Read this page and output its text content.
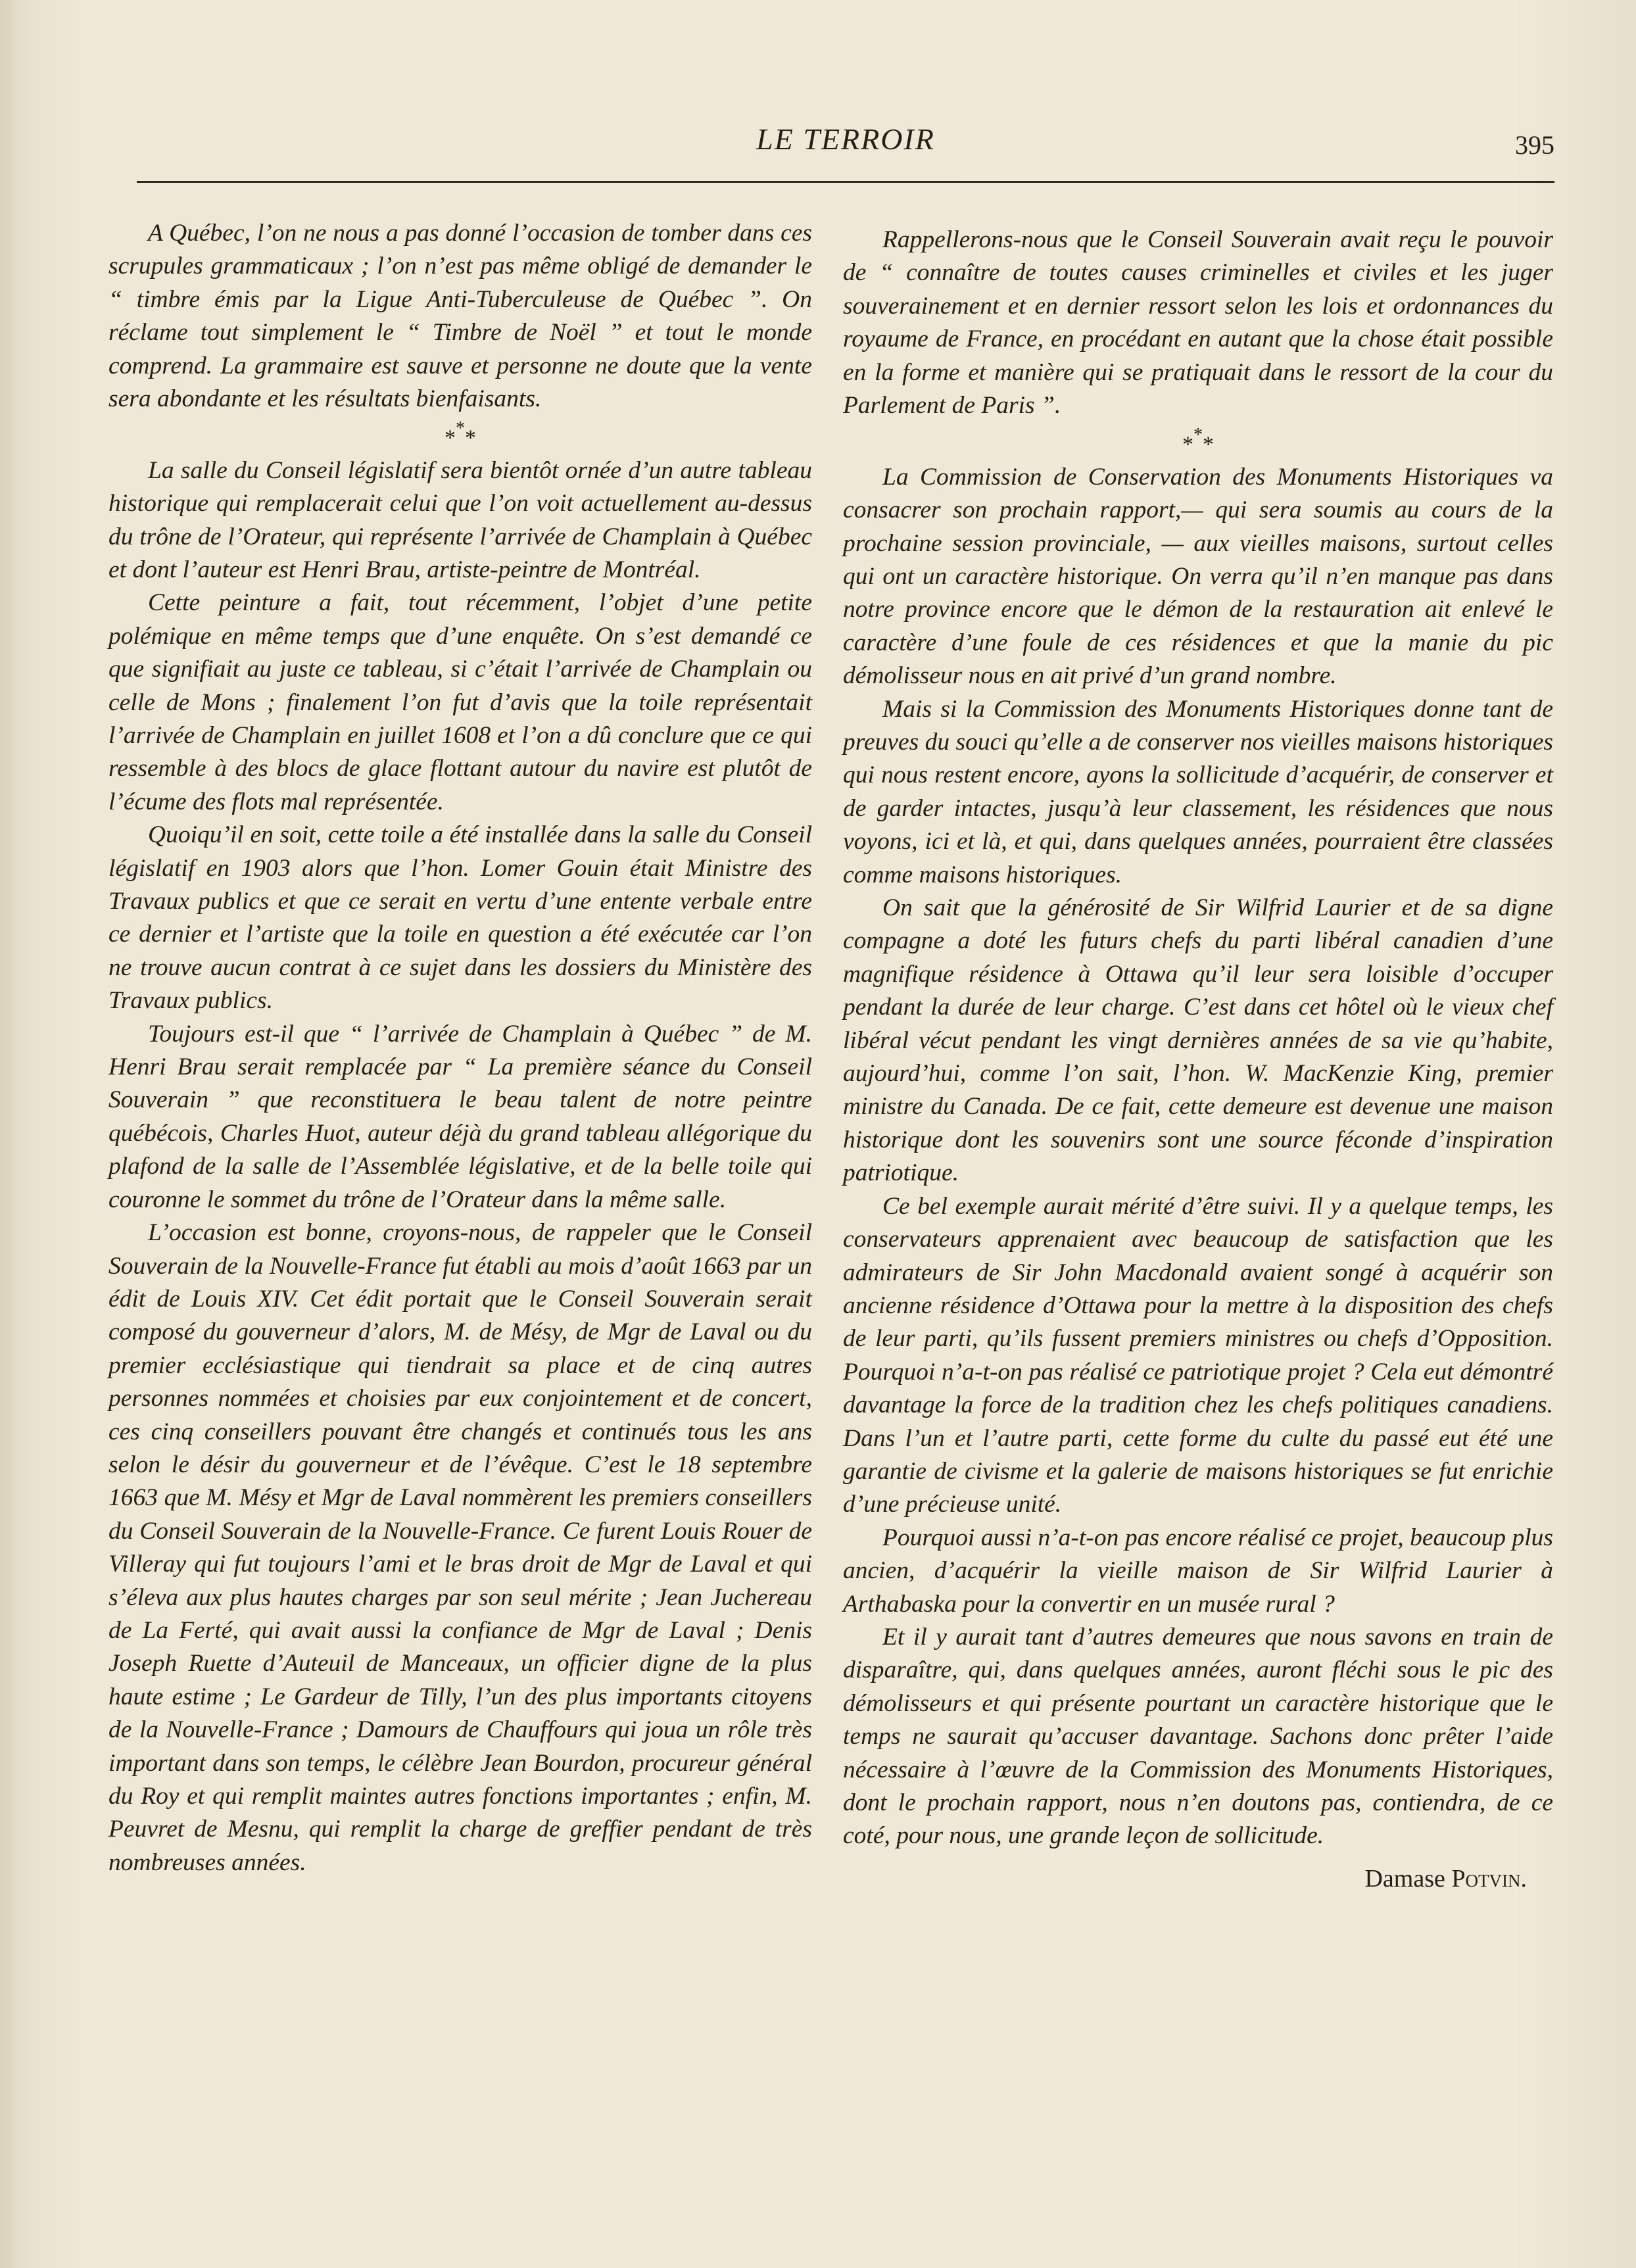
LE TERROIR	395

A Québec, l’on ne nous a pas donné l’occasion de tomber dans ces scrupules grammaticaux ; l’on n’est pas même obligé de demander le “ timbre émis par la Ligue Anti-Tuberculeuse de Québec ”. On réclame tout simplement le “ Timbre de Noël ” et tout le monde comprend. La grammaire est sauve et personne ne doute que la vente sera abondante et les résultats bienfaisants.

***

La salle du Conseil législatif sera bientôt ornée d’un autre tableau historique qui remplacerait celui que l’on voit actuellement au-dessus du trône de l’Orateur, qui représente l’arrivée de Champlain à Québec et dont l’auteur est Henri Brau, artiste-peintre de Montréal.

Cette peinture a fait, tout récemment, l’objet d’une petite polémique en même temps que d’une enquête. On s’est demandé ce que signifiait au juste ce tableau, si c’était l’arrivée de Champlain ou celle de Mons ; finalement l’on fut d’avis que la toile représentait l’arrivée de Champlain en juillet 1608 et l’on a dû conclure que ce qui ressemble à des blocs de glace flottant autour du navire est plutôt de l’écume des flots mal représentée.

Quoiqu’il en soit, cette toile a été installée dans la salle du Conseil législatif en 1903 alors que l’hon. Lomer Gouin était Ministre des Travaux publics et que ce serait en vertu d’une entente verbale entre ce dernier et l’artiste que la toile en question a été exécutée car l’on ne trouve aucun contrat à ce sujet dans les dossiers du Ministère des Travaux publics.

Toujours est-il que “ l’arrivée de Champlain à Québec ” de M. Henri Brau serait remplacée par “ La première séance du Conseil Souverain ” que reconstituera le beau talent de notre peintre québécois, Charles Huot, auteur déjà du grand tableau allégorique du plafond de la salle de l’Assemblée législative, et de la belle toile qui couronne le sommet du trône de l’Orateur dans la même salle.

L’occasion est bonne, croyons-nous, de rappeler que le Conseil Souverain de la Nouvelle-France fut établi au mois d’août 1663 par un édit de Louis XIV. Cet édit portait que le Conseil Souverain serait composé du gouverneur d’alors, M. de Mésy, de Mgr de Laval ou du premier ecclésiastique qui tiendrait sa place et de cinq autres personnes nommées et choisies par eux conjointement et de concert, ces cinq conseillers pouvant être changés et continués tous les ans selon le désir du gouverneur et de l’évêque. C’est le 18 septembre 1663 que M. Mésy et Mgr de Laval nommèrent les premiers conseillers du Conseil Souverain de la Nouvelle-France. Ce furent Louis Rouer de Villeray qui fut toujours l’ami et le bras droit de Mgr de Laval et qui s’éleva aux plus hautes charges par son seul mérite ; Jean Juchereau de La Ferté, qui avait aussi la confiance de Mgr de Laval ; Denis Joseph Ruette d’Auteuil de Manceaux, un officier digne de la plus haute estime ; Le Gardeur de Tilly, l’un des plus importants citoyens de la Nouvelle-France ; Damours de Chauffours qui joua un rôle très important dans son temps, le célèbre Jean Bourdon, procureur général du Roy et qui remplit maintes autres fonctions importantes ; enfin, M. Peuvret de Mesnu, qui remplit la charge de greffier pendant de très nombreuses années.

Rappellerons-nous que le Conseil Souverain avait reçu le pouvoir de “ connaître de toutes causes criminelles et civiles et les juger souverainement et en dernier ressort selon les lois et ordonnances du royaume de France, en procédant en autant que la chose était possible en la forme et manière qui se pratiquait dans le ressort de la cour du Parlement de Paris ”.

***

La Commission de Conservation des Monuments Historiques va consacrer son prochain rapport,— qui sera soumis au cours de la prochaine session provinciale, — aux vieilles maisons, surtout celles qui ont un caractère historique. On verra qu’il n’en manque pas dans notre province encore que le démon de la restauration ait enlevé le caractère d’une foule de ces résidences et que la manie du pic démolisseur nous en ait privé d’un grand nombre.

Mais si la Commission des Monuments Historiques donne tant de preuves du souci qu’elle a de conserver nos vieilles maisons historiques qui nous restent encore, ayons la sollicitude d’acquérir, de conserver et de garder intactes, jusqu’à leur classement, les résidences que nous voyons, ici et là, et qui, dans quelques années, pourraient être classées comme maisons historiques.

On sait que la générosité de Sir Wilfrid Laurier et de sa digne compagne a doté les futurs chefs du parti libéral canadien d’une magnifique résidence à Ottawa qu’il leur sera loisible d’occuper pendant la durée de leur charge. C’est dans cet hôtel où le vieux chef libéral vécut pendant les vingt dernières années de sa vie qu’habite, aujourd’hui, comme l’on sait, l’hon. W. MacKenzie King, premier ministre du Canada. De ce fait, cette demeure est devenue une maison historique dont les souvenirs sont une source féconde d’inspiration patriotique.

Ce bel exemple aurait mérité d’être suivi. Il y a quelque temps, les conservateurs apprenaient avec beaucoup de satisfaction que les admirateurs de Sir John Macdonald avaient songé à acquérir son ancienne résidence d’Ottawa pour la mettre à la disposition des chefs de leur parti, qu’ils fussent premiers ministres ou chefs d’Opposition. Pourquoi n’a-t-on pas réalisé ce patriotique projet ? Cela eut démontré davantage la force de la tradition chez les chefs politiques canadiens. Dans l’un et l’autre parti, cette forme du culte du passé eut été une garantie de civisme et la galerie de maisons historiques se fut enrichie d’une précieuse unité.

Pourquoi aussi n’a-t-on pas encore réalisé ce projet, beaucoup plus ancien, d’acquérir la vieille maison de Sir Wilfrid Laurier à Arthabaska pour la convertir en un musée rural ?

Et il y aurait tant d’autres demeures que nous savons en train de disparaître, qui, dans quelques années, auront fléchi sous le pic des démolisseurs et qui présente pourtant un caractère historique que le temps ne saurait qu’accuser davantage. Sachons donc prêter l’aide nécessaire à l’œuvre de la Commission des Monuments Historiques, dont le prochain rapport, nous n’en doutons pas, contiendra, de ce coté, pour nous, une grande leçon de sollicitude.

Damase Potvin.
